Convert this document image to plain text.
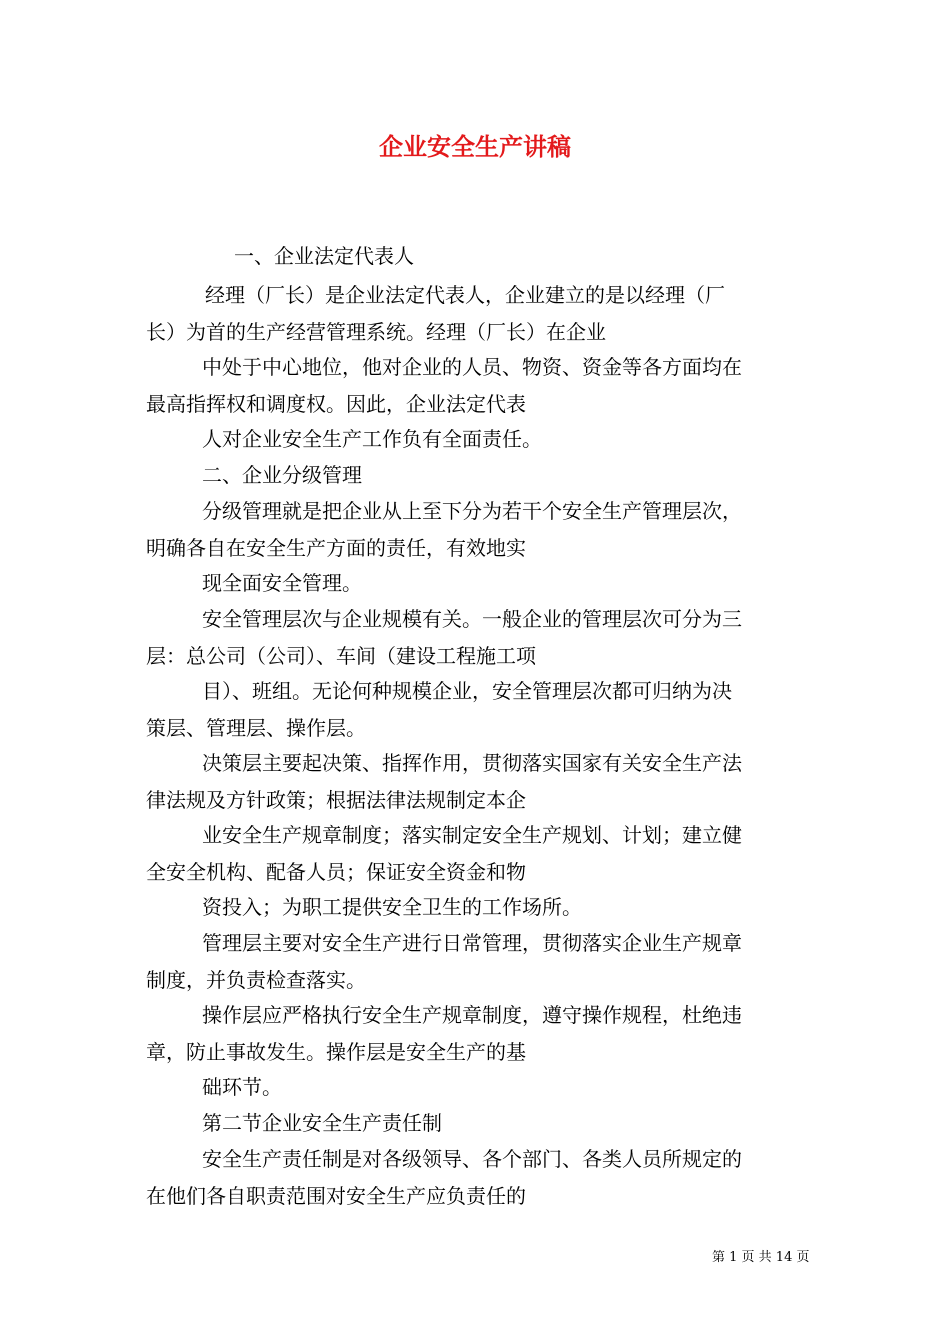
企业安全生产讲稿
一、企业法定代表人
经理（厂长）是企业法定代表人，企业建立的是以经理（厂
长）为首的生产经营管理系统。经理（厂长）在企业
中处于中心地位，他对企业的人员、物资、资金等各方面均在
最高指挥权和调度权。因此，企业法定代表
人对企业安全生产工作负有全面责任。
二、企业分级管理
分级管理就是把企业从上至下分为若干个安全生产管理层次，
明确各自在安全生产方面的责任，有效地实
现全面安全管理。
安全管理层次与企业规模有关。一般企业的管理层次可分为三
层：总公司（公司）、车间（建设工程施工项
目）、班组。无论何种规模企业，安全管理层次都可归纳为决
策层、管理层、操作层。
决策层主要起决策、指挥作用，贯彻落实国家有关安全生产法
律法规及方针政策；根据法律法规制定本企
业安全生产规章制度；落实制定安全生产规划、计划；建立健
全安全机构、配备人员；保证安全资金和物
资投入；为职工提供安全卫生的工作场所。
管理层主要对安全生产进行日常管理，贯彻落实企业生产规章
制度，并负责检查落实。
操作层应严格执行安全生产规章制度，遵守操作规程，杜绝违
章，防止事故发生。操作层是安全生产的基
础环节。
第二节企业安全生产责任制
安全生产责任制是对各级领导、各个部门、各类人员所规定的
在他们各自职责范围对安全生产应负责任的
第 1 页 共 14 页
